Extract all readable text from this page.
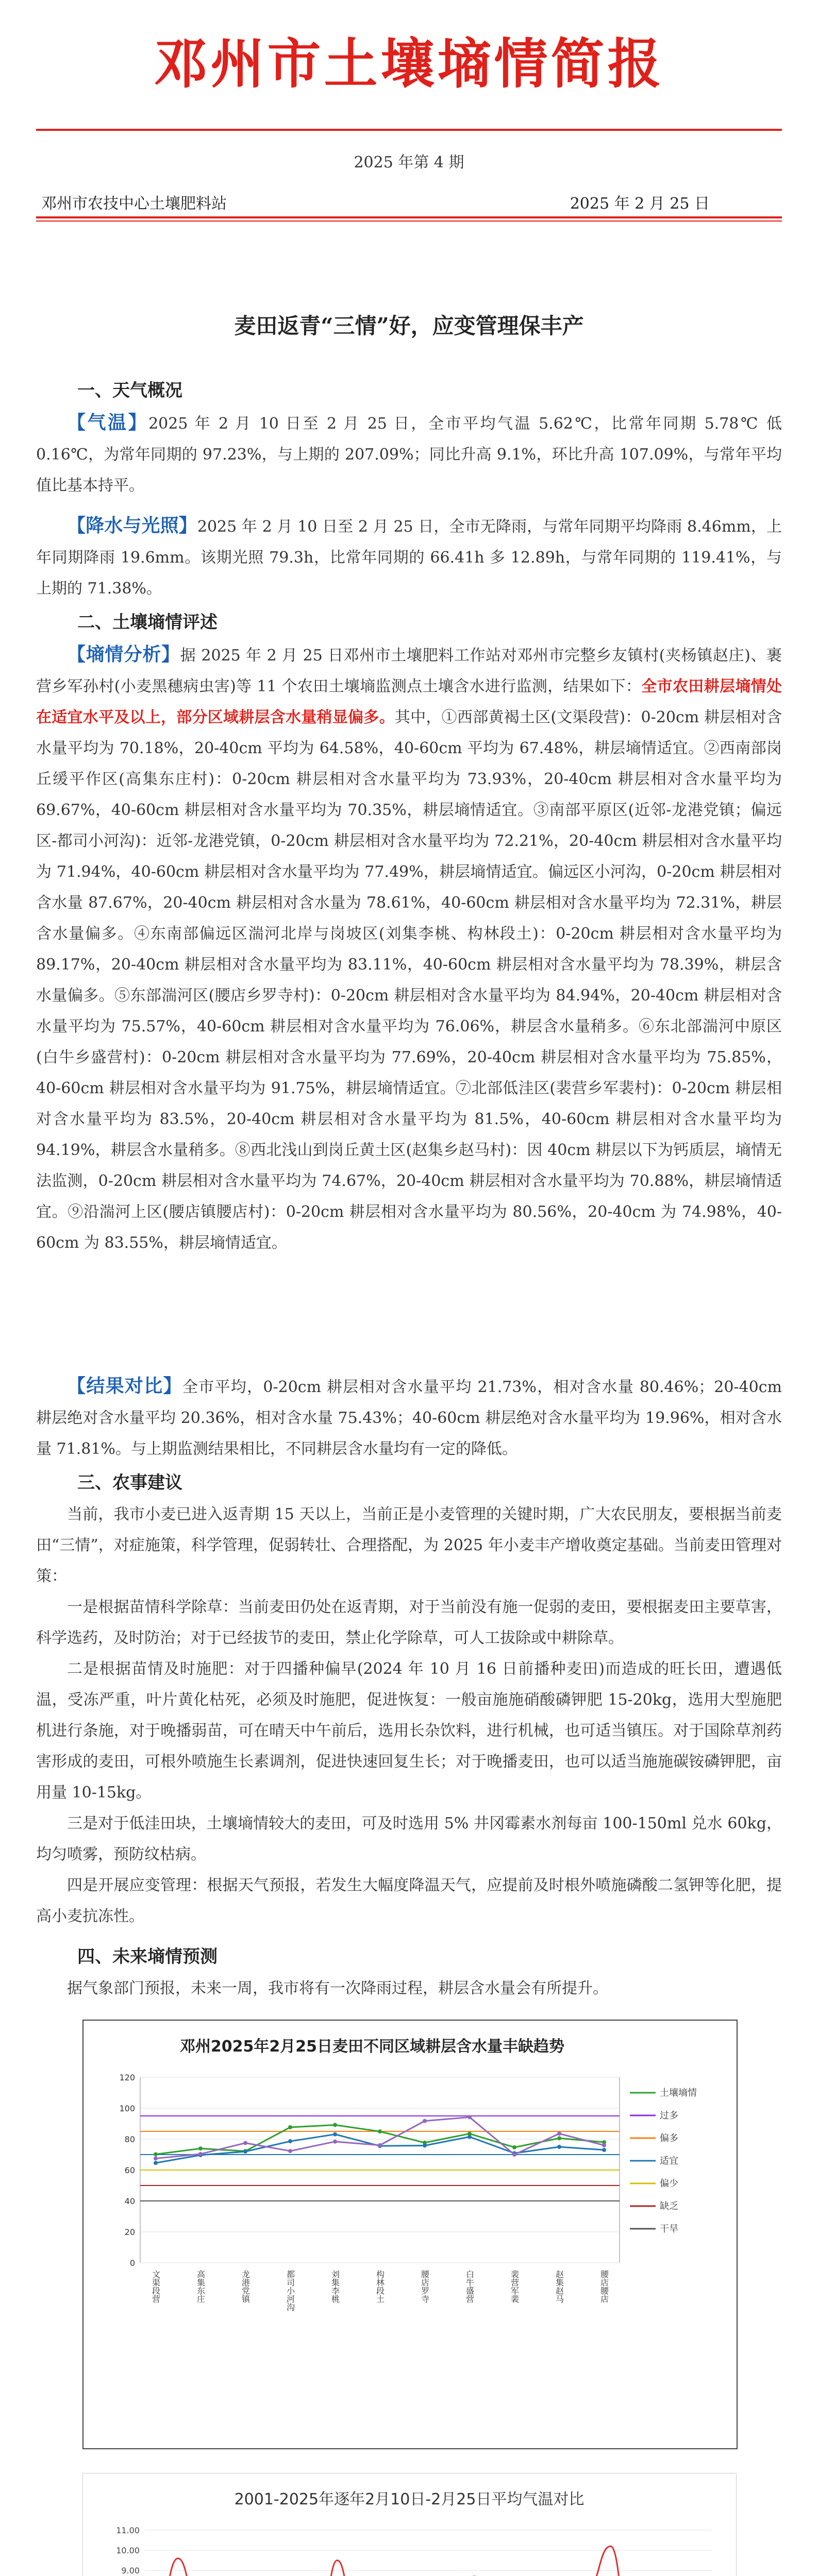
邓州市土壤墒情简报
2025 年第 4 期
邓州市农技中心土壤肥料站	2025 年 2 月 25 日
麦田返青“三情”好，应变管理保丰产
一、天气概况
【气温】2025 年 2 月 10 日至 2 月 25 日，全市平均气温 5.62℃，比常年同期 5.78℃ 低 0.16℃，为常年同期的 97.23%，与上期的 207.09%；同比升高 9.1%，环比升高 107.09%，与常年平均值比基本持平。
【降水与光照】2025 年 2 月 10 日至 2 月 25 日，全市无降雨，与常年同期平均降雨 8.46mm，上年同期降雨 19.6mm。该期光照 79.3h，比常年同期的 66.41h 多 12.89h，与常年同期的 119.41%，与上期的 71.38%。
二、土壤墒情评述
【墒情分析】据 2025 年 2 月 25 日邓州市土壤肥料工作站对邓州市完整乡友镇村(夹杨镇赵庄)、裹营乡军孙村(小麦黑穗病虫害)等 11 个农田土壤墒监测点土壤含水进行监测，结果如下：全市农田耕层墒情处在适宜水平及以上，部分区域耕层含水量稍显偏多。其中，①西部黄褐土区(文渠段营)：0-20cm 耕层相对含水量平均为 70.18%，20-40cm 平均为 64.58%，40-60cm 平均为 67.48%，耕层墒情适宜。②西南部岗丘缓平作区(高集东庄村)：0-20cm 耕层相对含水量平均为 73.93%，20-40cm 耕层相对含水量平均为 69.67%，40-60cm 耕层相对含水量平均为 70.35%，耕层墒情适宜。③南部平原区(近邻-龙港党镇；偏远区-都司小河沟)：近邻-龙港党镇，0-20cm 耕层相对含水量平均为 72.21%，20-40cm 耕层相对含水量平均为 71.94%，40-60cm 耕层相对含水量平均为 77.49%，耕层墒情适宜。偏远区小河沟，0-20cm 耕层相对含水量 87.67%，20-40cm 耕层相对含水量为 78.61%，40-60cm 耕层相对含水量平均为 72.31%，耕层含水量偏多。④东南部偏远区湍河北岸与岗坡区(刘集李桃、构林段土)：0-20cm 耕层相对含水量平均为 89.17%，20-40cm 耕层相对含水量平均为 83.11%，40-60cm 耕层相对含水量平均为 78.39%，耕层含水量偏多。⑤东部湍河区(腰店乡罗寺村)：0-20cm 耕层相对含水量平均为 84.94%，20-40cm 耕层相对含水量平均为 75.57%，40-60cm 耕层相对含水量平均为 76.06%，耕层含水量稍多。⑥东北部湍河中原区(白牛乡盛营村)：0-20cm 耕层相对含水量平均为 77.69%，20-40cm 耕层相对含水量平均为 75.85%，40-60cm 耕层相对含水量平均为 91.75%，耕层墒情适宜。⑦北部低洼区(裴营乡军裴村)：0-20cm 耕层相对含水量平均为 83.5%，20-40cm 耕层相对含水量平均为 81.5%，40-60cm 耕层相对含水量平均为 94.19%，耕层含水量稍多。⑧西北浅山到岗丘黄土区(赵集乡赵马村)：因 40cm 耕层以下为钙质层，墒情无法监测，0-20cm 耕层相对含水量平均为 74.67%，20-40cm 耕层相对含水量平均为 70.88%，耕层墒情适宜。⑨沿湍河上区(腰店镇腰店村)：0-20cm 耕层相对含水量平均为 80.56%，20-40cm 为 74.98%，40-60cm 为 83.55%，耕层墒情适宜。
【结果对比】全市平均，0-20cm 耕层相对含水量平均 21.73%，相对含水量 80.46%；20-40cm 耕层绝对含水量平均 20.36%，相对含水量 75.43%；40-60cm 耕层绝对含水量平均为 19.96%，相对含水量 71.81%。与上期监测结果相比，不同耕层含水量均有一定的降低。
三、农事建议
当前，我市小麦已进入返青期 15 天以上，当前正是小麦管理的关键时期，广大农民朋友，要根据当前麦田“三情”，对症施策，科学管理，促弱转壮、合理搭配，为 2025 年小麦丰产增收奠定基础。当前麦田管理对策：
一是根据苗情科学除草：当前麦田仍处在返青期，对于当前没有施一促弱的麦田，要根据麦田主要草害，科学选药，及时防治；对于已经拔节的麦田，禁止化学除草，可人工拔除或中耕除草。
二是根据苗情及时施肥：对于四播种偏早(2024 年 10 月 16 日前播种麦田)而造成的旺长田，遭遇低温，受冻严重，叶片黄化枯死，必须及时施肥，促进恢复：一般亩施施硝酸磷钾肥 15-20kg，选用大型施肥机进行条施，对于晚播弱苗，可在晴天中午前后，选用长杂饮料，进行机械，也可适当镇压。对于国除草剂药害形成的麦田，可根外喷施生长素调剂，促进快速回复生长；对于晚播麦田，也可以适当施施碳铵磷钾肥，亩用量 10-15kg。
三是对于低洼田块，土壤墒情较大的麦田，可及时选用 5% 井冈霉素水剂每亩 100-150ml 兑水 60kg，均匀喷雾，预防纹枯病。
四是开展应变管理：根据天气预报，若发生大幅度降温天气，应提前及时根外喷施磷酸二氢钾等化肥，提高小麦抗冻性。
四、未来墒情预测
据气象部门预报，未来一周，我市将有一次降雨过程，耕层含水量会有所提升。
邓州2025年2月25日麦田不同区域耕层含水量丰缺趋势
0
20
40
60
80
100
120
文渠段营	高集东庄	龙港党镇	都司小河沟	刘集李桃	构林段土	腰店罗寺	白牛盛营	裴营军裴	赵集赵马	腰店腰店
土壤墒情
过多
偏多
适宜
偏少
缺乏
干旱
2001-2025年逐年2月10日-2月25日平均气温对比
9.00
10.00
11.00
